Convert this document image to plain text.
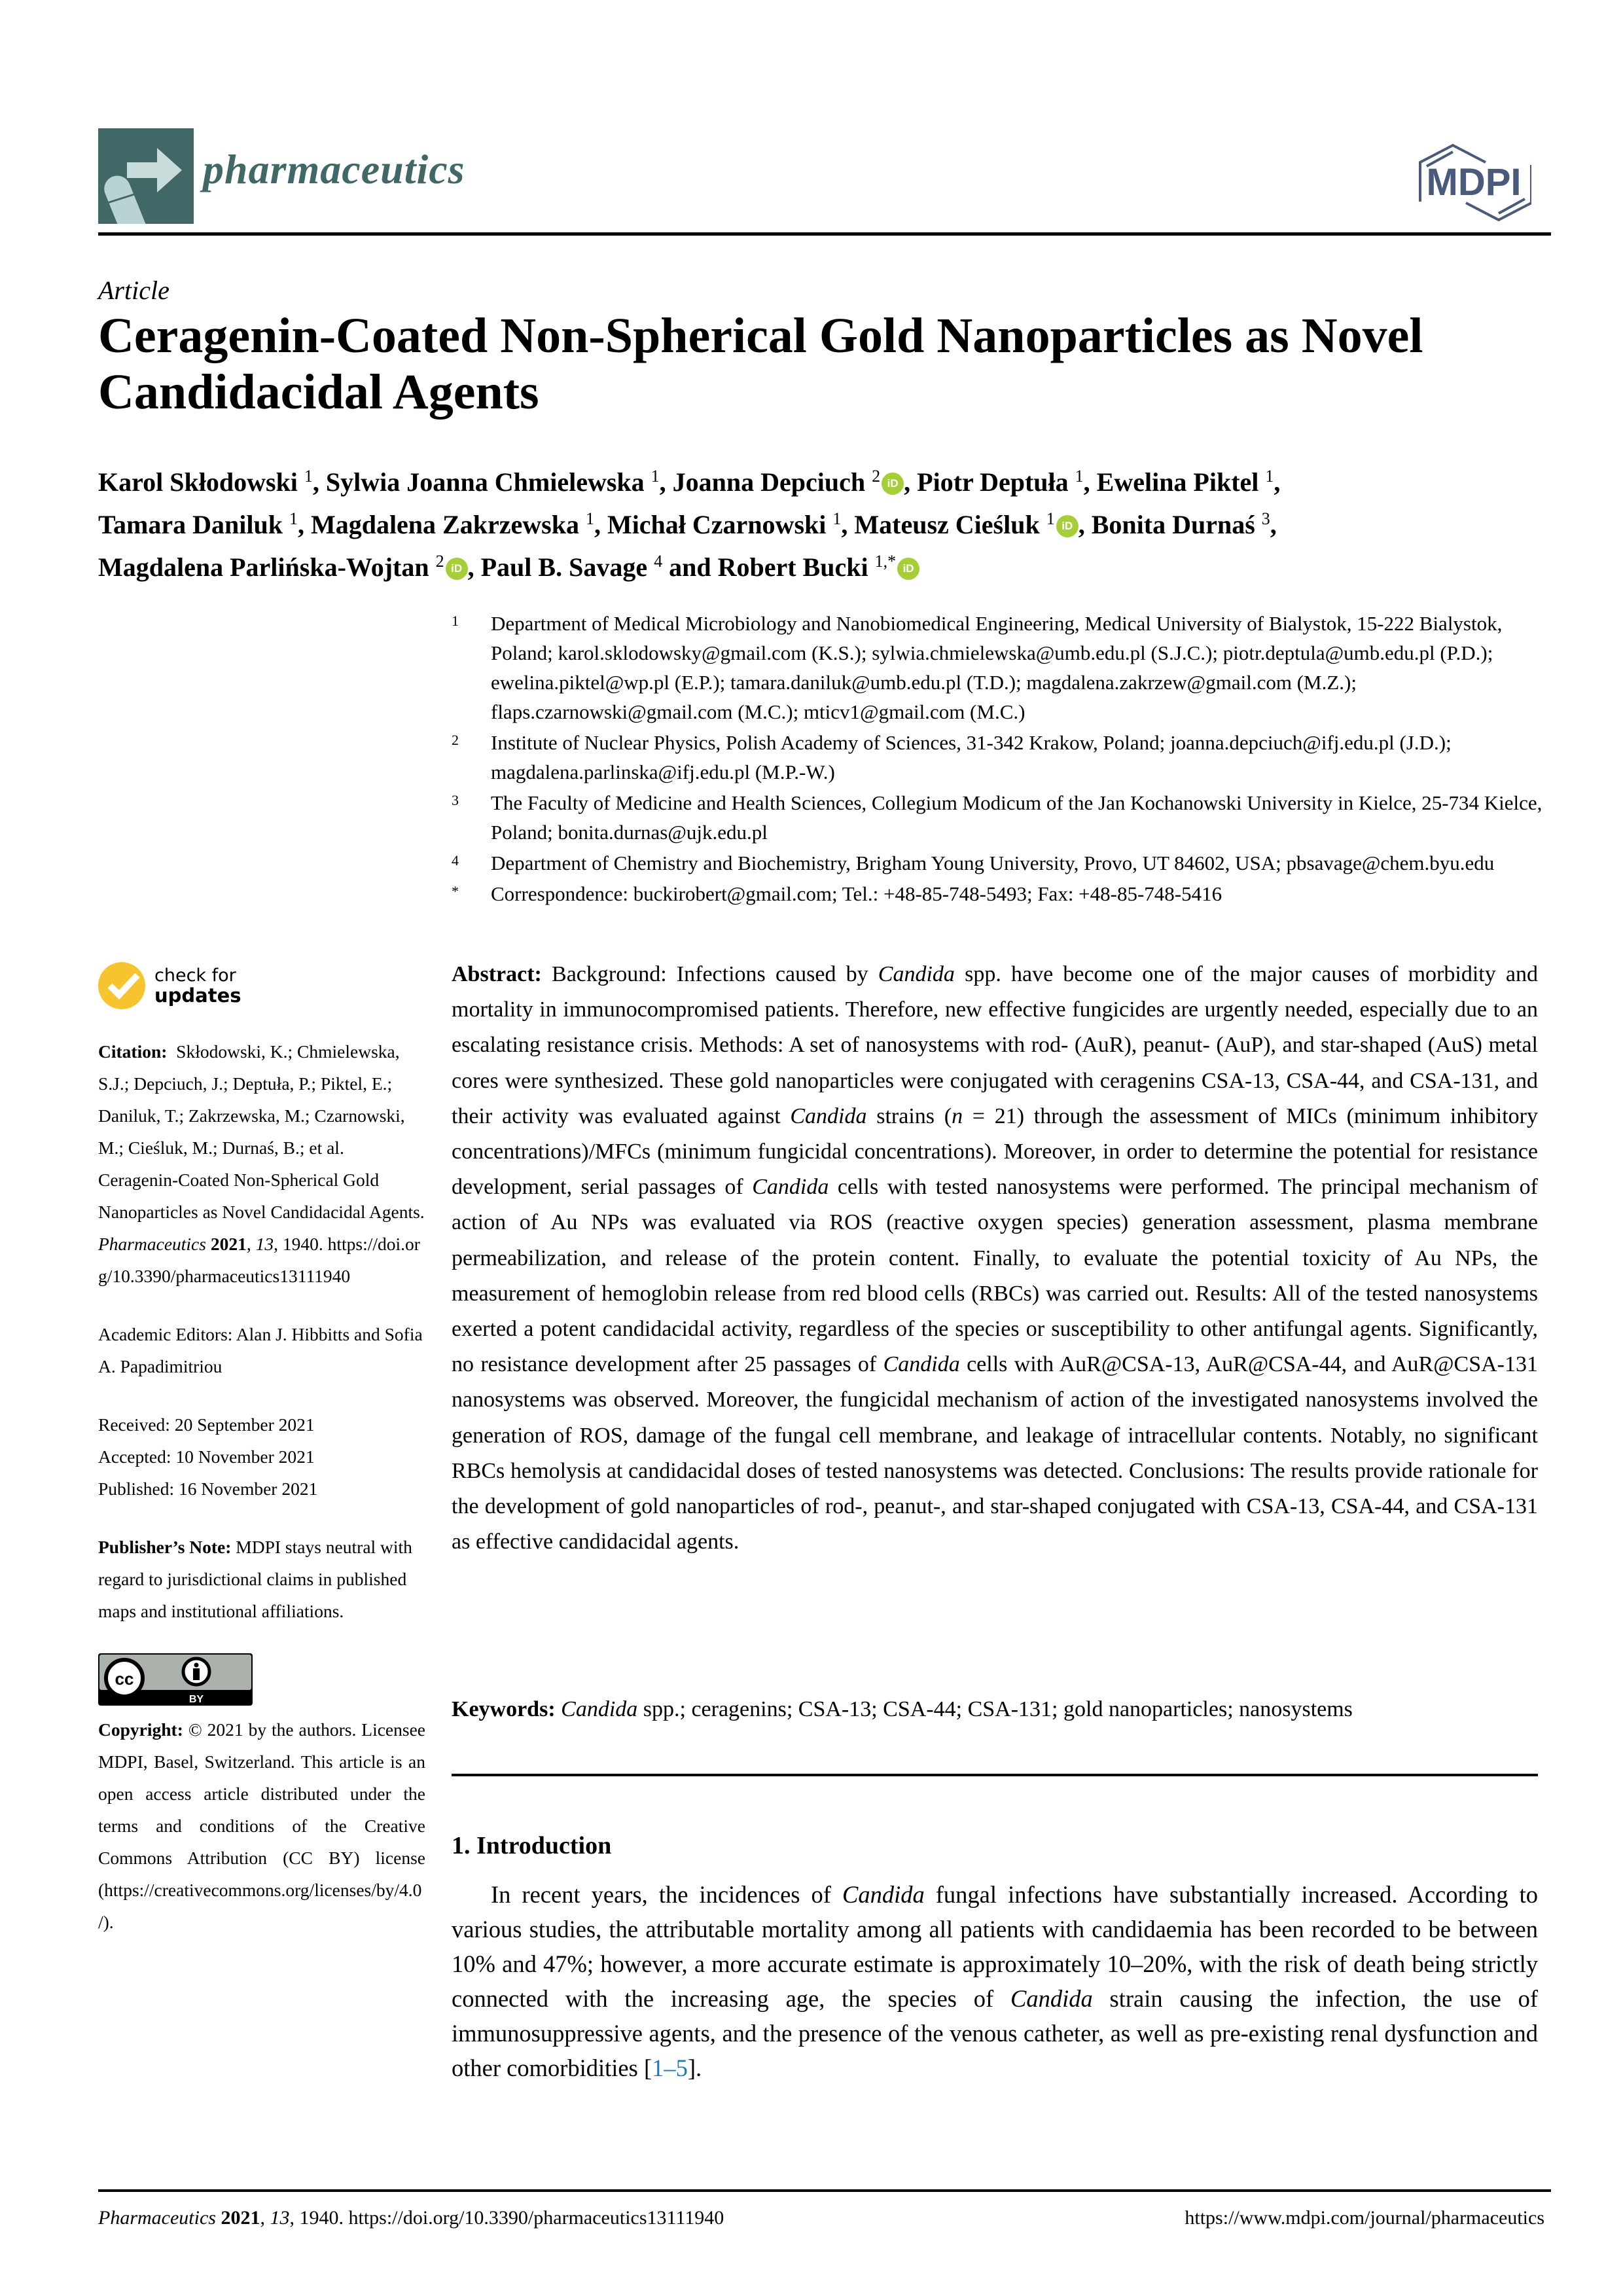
pharmaceutics	MDPI
Article
Ceragenin-Coated Non-Spherical Gold Nanoparticles as Novel Candidacidal Agents
Karol Skłodowski $^1$, Sylwia Joanna Chmielewska $^1$, Joanna Depciuch $^2$ iD , Piotr Deptuła $^1$, Ewelina Piktel $^1$,
Tamara Daniluk $^1$, Magdalena Zakrzewska $^1$, Michał Czarnowski $^1$, Mateusz Cieśluk $^1$ iD , Bonita Durnaś $^3$,
Magdalena Parlińska-Wojtan $^2$ iD , Paul B. Savage $^4$ and Robert Bucki $^{1,*}$ iD
1	Department of Medical Microbiology and Nanobiomedical Engineering, Medical University of Bialystok, 15-222 Bialystok, Poland; karol.sklodowsky@gmail.com (K.S.); sylwia.chmielewska@umb.edu.pl (S.J.C.); piotr.deptula@umb.edu.pl (P.D.); ewelina.piktel@wp.pl (E.P.); tamara.daniluk@umb.edu.pl (T.D.); magdalena.zakrzew@gmail.com (M.Z.); flaps.czarnowski@gmail.com (M.C.); mticv1@gmail.com (M.C.)
2	Institute of Nuclear Physics, Polish Academy of Sciences, 31-342 Krakow, Poland; joanna.depciuch@ifj.edu.pl (J.D.); magdalena.parlinska@ifj.edu.pl (M.P.-W.)
3	The Faculty of Medicine and Health Sciences, Collegium Modicum of the Jan Kochanowski University in Kielce, 25-734 Kielce, Poland; bonita.durnas@ujk.edu.pl
4	Department of Chemistry and Biochemistry, Brigham Young University, Provo, UT 84602, USA; pbsavage@chem.byu.edu
*	Correspondence: buckirobert@gmail.com; Tel.: +48-85-748-5493; Fax: +48-85-748-5416
check for
updates
Citation: Skłodowski, K.; Chmielewska, S.J.; Depciuch, J.; Deptuła, P.; Piktel, E.; Daniluk, T.; Zakrzewska, M.; Czarnowski, M.; Cieśluk, M.; Durnaś, B.; et al. Ceragenin-Coated Non-Spherical Gold Nanoparticles as Novel Candidacidal Agents. Pharmaceutics 2021, 13, 1940. https://doi.org/10.3390/pharmaceutics13111940
Academic Editors: Alan J. Hibbitts and Sofia A. Papadimitriou
Received: 20 September 2021
Accepted: 10 November 2021
Published: 16 November 2021
Publisher’s Note: MDPI stays neutral with regard to jurisdictional claims in published maps and institutional affiliations.
cc
BY
Copyright: © 2021 by the authors. Licensee MDPI, Basel, Switzerland. This article is an open access article distributed under the terms and conditions of the Creative Commons Attribution (CC BY) license (https://creativecommons.org/licenses/by/4.0/).
Abstract: Background: Infections caused by Candida spp. have become one of the major causes of morbidity and mortality in immunocompromised patients. Therefore, new effective fungicides are urgently needed, especially due to an escalating resistance crisis. Methods: A set of nanosystems with rod- (AuR), peanut- (AuP), and star-shaped (AuS) metal cores were synthesized. These gold nanoparticles were conjugated with ceragenins CSA-13, CSA-44, and CSA-131, and their activity was evaluated against Candida strains (n = 21) through the assessment of MICs (minimum inhibitory concentrations)/MFCs (minimum fungicidal concentrations). Moreover, in order to determine the potential for resistance development, serial passages of Candida cells with tested nanosystems were performed. The principal mechanism of action of Au NPs was evaluated via ROS (reactive oxygen species) generation assessment, plasma membrane permeabilization, and release of the protein content. Finally, to evaluate the potential toxicity of Au NPs, the measurement of hemoglobin release from red blood cells (RBCs) was carried out. Results: All of the tested nanosystems exerted a potent candidacidal activity, regardless of the species or susceptibility to other antifungal agents. Significantly, no resistance development after 25 passages of Candida cells with AuR@CSA-13, AuR@CSA-44, and AuR@CSA-131 nanosystems was observed. Moreover, the fungicidal mechanism of action of the investigated nanosystems involved the generation of ROS, damage of the fungal cell membrane, and leakage of intracellular contents. Notably, no significant RBCs hemolysis at candidacidal doses of tested nanosystems was detected. Conclusions: The results provide rationale for the development of gold nanoparticles of rod-, peanut-, and star-shaped conjugated with CSA-13, CSA-44, and CSA-131 as effective candidacidal agents.
Keywords: Candida spp.; ceragenins; CSA-13; CSA-44; CSA-131; gold nanoparticles; nanosystems
1. Introduction
In recent years, the incidences of Candida fungal infections have substantially increased. According to various studies, the attributable mortality among all patients with candidaemia has been recorded to be between 10% and 47%; however, a more accurate estimate is approximately 10–20%, with the risk of death being strictly connected with the increasing age, the species of Candida strain causing the infection, the use of immunosuppressive agents, and the presence of the venous catheter, as well as pre-existing renal dysfunction and other comorbidities [1–5].
Pharmaceutics 2021, 13, 1940. https://doi.org/10.3390/pharmaceutics13111940	https://www.mdpi.com/journal/pharmaceutics
